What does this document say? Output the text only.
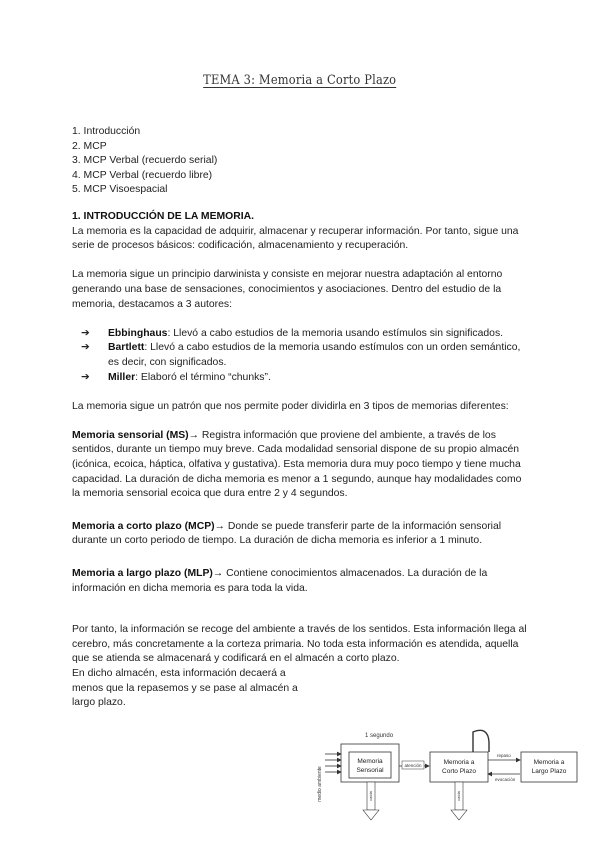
TEMA 3: Memoria a Corto Plazo
1. Introducción
2. MCP
3. MCP Verbal (recuerdo serial)
4. MCP Verbal (recuerdo libre)
5. MCP Visoespacial
1. INTRODUCCIÓN DE LA MEMORIA.

La memoria es la capacidad de adquirir, almacenar y recuperar información. Por tanto, sigue una serie de procesos básicos: codificación, almacenamiento y recuperación.

La memoria sigue un principio darwinista y consiste en mejorar nuestra adaptación al entorno generando una base de sensaciones, conocimientos y asociaciones. Dentro del estudio de la memoria, destacamos a 3 autores:

➔ Ebbinghaus: Llevó a cabo estudios de la memoria usando estímulos sin significados.
➔ Bartlett: Llevó a cabo estudios de la memoria usando estímulos con un orden semántico, es decir, con significados.
➔ Miller: Elaboró el término “chunks”.

La memoria sigue un patrón que nos permite poder dividirla en 3 tipos de memorias diferentes:

Memoria sensorial (MS)→ Registra información que proviene del ambiente, a través de los sentidos, durante un tiempo muy breve. Cada modalidad sensorial dispone de su propio almacén (icónica, ecoica, háptica, olfativa y gustativa). Esta memoria dura muy poco tiempo y tiene mucha capacidad. La duración de dicha memoria es menor a 1 segundo, aunque hay modalidades como la memoria sensorial ecoica que dura entre 2 y 4 segundos.

Memoria a corto plazo (MCP)→ Donde se puede transferir parte de la información sensorial durante un corto periodo de tiempo. La duración de dicha memoria es inferior a 1 minuto.

Memoria a largo plazo (MLP)→ Contiene conocimientos almacenados. La duración de la información en dicha memoria es para toda la vida.

Por tanto, la información se recoge del ambiente a través de los sentidos. Esta información llega al cerebro, más concretamente a la corteza primaria. No toda esta información es atendida, aquella que se atienda se almacenará y codificará en el almacén a corto plazo.

En dicho almacén, esta información decaerá a menos que la repasemos y se pase al almacén a largo plazo.
medio ambiente
1 segundo
Memoria
Sensorial
atención	Memoria a
Corto Plazo
repaso
evocación
Memoria a
Largo Plazo
caída	caída
